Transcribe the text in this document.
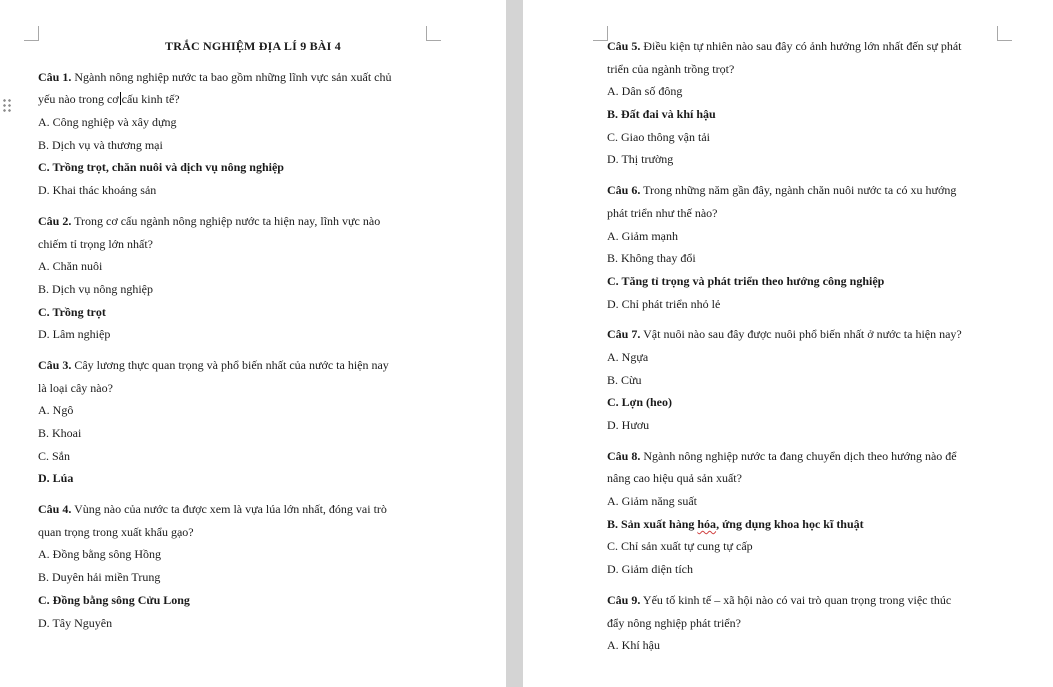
TRẮC NGHIỆM ĐỊA LÍ 9 BÀI 4
Câu 1. Ngành nông nghiệp nước ta bao gồm những lĩnh vực sản xuất chủ
yếu nào trong cơ cấu kinh tế?
A. Công nghiệp và xây dựng
B. Dịch vụ và thương mại
C. Trồng trọt, chăn nuôi và dịch vụ nông nghiệp
D. Khai thác khoáng sản
Câu 2. Trong cơ cấu ngành nông nghiệp nước ta hiện nay, lĩnh vực nào
chiếm tỉ trọng lớn nhất?
A. Chăn nuôi
B. Dịch vụ nông nghiệp
C. Trồng trọt
D. Lâm nghiệp
Câu 3. Cây lương thực quan trọng và phổ biến nhất của nước ta hiện nay
là loại cây nào?
A. Ngô
B. Khoai
C. Sắn
D. Lúa
Câu 4. Vùng nào của nước ta được xem là vựa lúa lớn nhất, đóng vai trò
quan trọng trong xuất khẩu gạo?
A. Đồng bằng sông Hồng
B. Duyên hải miền Trung
C. Đồng bằng sông Cửu Long
D. Tây Nguyên
Câu 5. Điều kiện tự nhiên nào sau đây có ảnh hưởng lớn nhất đến sự phát
triển của ngành trồng trọt?
A. Dân số đông
B. Đất đai và khí hậu
C. Giao thông vận tải
D. Thị trường
Câu 6. Trong những năm gần đây, ngành chăn nuôi nước ta có xu hướng
phát triển như thế nào?
A. Giảm mạnh
B. Không thay đổi
C. Tăng tỉ trọng và phát triển theo hướng công nghiệp
D. Chỉ phát triển nhỏ lẻ
Câu 7. Vật nuôi nào sau đây được nuôi phổ biến nhất ở nước ta hiện nay?
A. Ngựa
B. Cừu
C. Lợn (heo)
D. Hươu
Câu 8. Ngành nông nghiệp nước ta đang chuyển dịch theo hướng nào để
nâng cao hiệu quả sản xuất?
A. Giảm năng suất
B. Sản xuất hàng hóa, ứng dụng khoa học kĩ thuật
C. Chỉ sản xuất tự cung tự cấp
D. Giảm diện tích
Câu 9. Yếu tố kinh tế – xã hội nào có vai trò quan trọng trong việc thúc
đẩy nông nghiệp phát triển?
A. Khí hậu
